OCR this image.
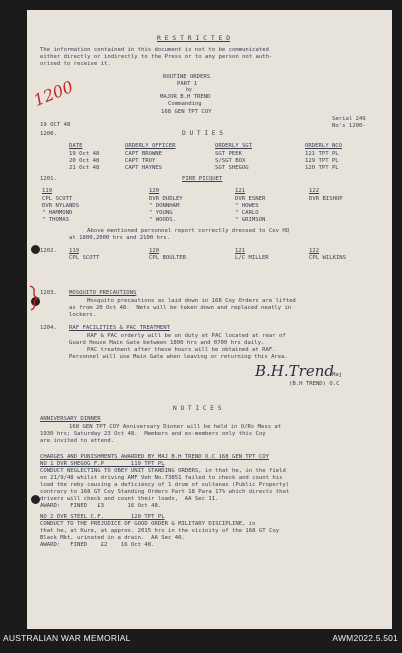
R E S T R I C T E D
The information contained in this document is not to be communicated
either directly or indirectly to the Press or to any person not auth-
orised to receive it.
ROUTINE ORDERS
PART 1
by
MAJOR B.H TREND
Commanding
168 GEN TPT COY
19 OCT 48
Serial 249
No's 1200-
1200
1200.	D U T I E S
DATE	ORDERLY OFFICER	ORDERLY SGT	ORDERLY NCO
19 Oct 48	CAPT BROWNE	SGT PEEK	121 TPT PL
20 Oct 48	CAPT TROY	S/SGT BOX	129 TPT PL
21 Oct 48	CAPT HAYNES	SGT SHEGOG	120 TPT PL
1201.	FIRE PICQUET
119	120	121	122
CPL SCOTT	DVR DUDLEY	DVR ESNER	DVR BISHOP
DVR NYLANDS	" DONNHAM	" HOWES
" HAMMOND	" YOUNG	" CARLO
" THOMAS	" WOODS.	" GRIMSON
Above mentioned personnel report correctly dressed to Cov HQ
at 1800,2000 hrs and 2100 hrs.
1202. 119	120	121	122
CPL SCOTT	CPL BOULTER	L/C MILLER	CPL WILKINS
1203. MOSQUITO PRECAUTIONS
Mosquito precautions as laid down in 168 Coy Orders are lifted
as from 20 Oct 48.  Nets will be taken down and replaced neatly in
lockers.
1204. RAF FACILITIES & PAC TREATMENT
RAF & PAC orderly will be on duty at PAC located at rear of
Guard House Main Gate between 1800 hrs and 0700 hrs daily.
PAC treatment after these hours will be obtained at RAF.
Personnel will use Main Gate when leaving or returning this Area.
B.H.Trend
Maj
(B.H TREND) O.C
N O T I C E S
ANNIVERSARY DINNER
168 GEN TPT COY Anniversary Dinner will be held in O/Rs Mess at
1930 hrs; Saturday 23 Oct 48.  Members and ex-members only this Coy
are invited to attend.
CHARGES AND PUNISHMENTS AWARDED BY MAJ B.H TREND O.C 168 GEN TPT COY
NO 1 DVR SHEGOG F.P        119 TPT PL
CONDUCT NEGLECTING TO OBEY UNIT STANDING ORDERS, in that he, in the field
on 21/9/48 whilst driving AMF Veh No.73851 failed to check and count his
load the reby causing a deficiency of 1 drum of sultanas (Public Property)
contrary to 168 GT Coy Standing Orders Part 18 Para 17% which directs that
drivers will check and count their loads,  AA Sec 11.
AWARD:   FINED   £3       16 Oct 48.
NO 2 DVR STEEL C.F.        120 TPT PL
CONDUCT TO THE PREJUDICE OF GOOD ORDER & MILITARY DISCIPLINE, in
that he, at Kure, at approx. 2015 hrs in the vicinity of the 168 GT Coy
Black Mkt, urinated in a drain.  AA Sec 40.
AWARD:   FINED    £2    16 Oct 48.
AUSTRALIAN WAR MEMORIAL	AWM2022.5.501
